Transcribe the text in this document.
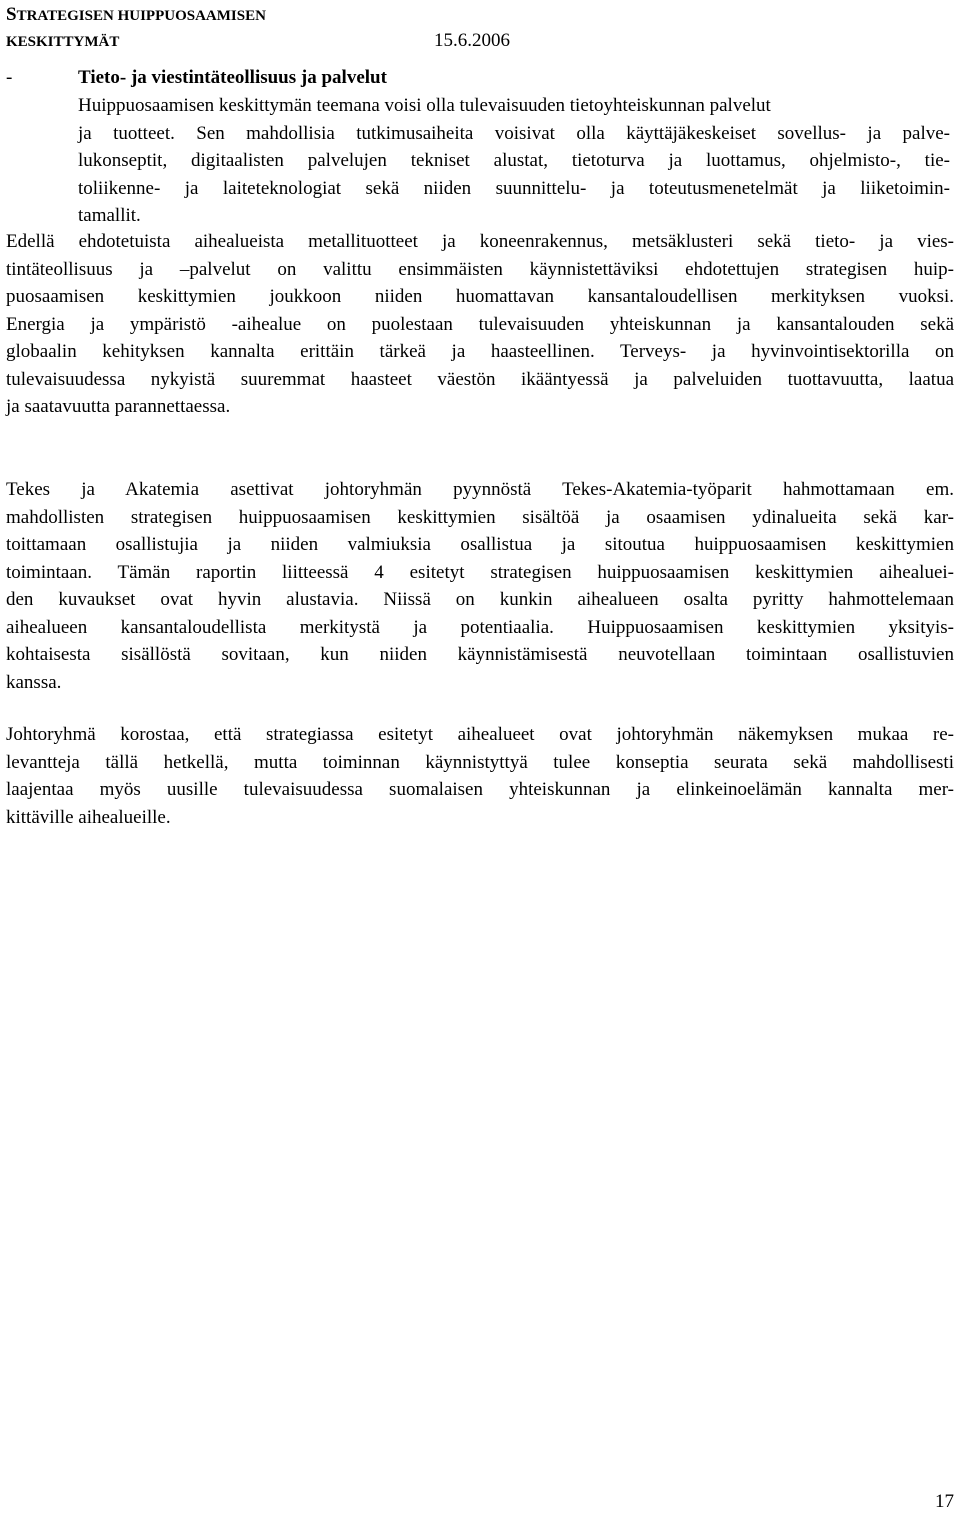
STRATEGISEN HUIPPUOSAAMISEN
KESKITTYMÄT	15.6.2006
-	Tieto- ja viestintäteollisuus ja palvelut
Huippuosaamisen keskittymän teemana voisi olla tulevaisuuden tietoyhteiskunnan palvelut
ja tuotteet. Sen mahdollisia tutkimusaiheita voisivat olla käyttäjäkeskeiset sovellus- ja palve-
lukonseptit, digitaalisten palvelujen tekniset alustat, tietoturva ja luottamus, ohjelmisto-, tie-
toliikenne- ja laiteteknologiat sekä niiden suunnittelu- ja toteutusmenetelmät ja liiketoimin-
tamallit.
Edellä ehdotetuista aihealueista metallituotteet ja koneenrakennus, metsäklusteri sekä tieto- ja vies-
tintäteollisuus ja –palvelut on valittu ensimmäisten käynnistettäviksi ehdotettujen strategisen huip-
puosaamisen keskittymien joukkoon niiden huomattavan kansantaloudellisen merkityksen vuoksi.
Energia ja ympäristö -aihealue on puolestaan tulevaisuuden yhteiskunnan ja kansantalouden sekä
globaalin kehityksen kannalta erittäin tärkeä ja haasteellinen. Terveys- ja hyvinvointisektorilla on
tulevaisuudessa nykyistä suuremmat haasteet väestön ikääntyessä ja palveluiden tuottavuutta, laatua
ja saatavuutta parannettaessa.
Tekes ja Akatemia asettivat johtoryhmän pyynnöstä Tekes-Akatemia-työparit hahmottamaan em.
mahdollisten strategisen huippuosaamisen keskittymien sisältöä ja osaamisen ydinalueita sekä kar-
toittamaan osallistujia ja niiden valmiuksia osallistua ja sitoutua huippuosaamisen keskittymien
toimintaan. Tämän raportin liitteessä 4 esitetyt strategisen huippuosaamisen keskittymien aihealuei-
den kuvaukset ovat hyvin alustavia. Niissä on kunkin aihealueen osalta pyritty hahmottelemaan
aihealueen kansantaloudellista merkitystä ja potentiaalia. Huippuosaamisen keskittymien yksityis-
kohtaisesta sisällöstä sovitaan, kun niiden käynnistämisestä neuvotellaan toimintaan osallistuvien
kanssa.
Johtoryhmä korostaa, että strategiassa esitetyt aihealueet ovat johtoryhmän näkemyksen mukaa re-
levantteja tällä hetkellä, mutta toiminnan käynnistyttyä tulee konseptia seurata sekä mahdollisesti
laajentaa myös uusille tulevaisuudessa suomalaisen yhteiskunnan ja elinkeinoelämän kannalta mer-
kittäville aihealueille.
17
